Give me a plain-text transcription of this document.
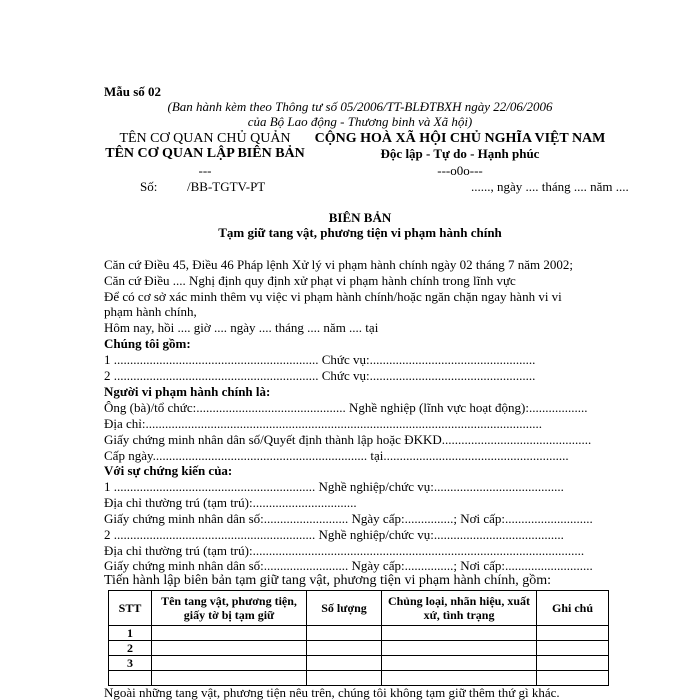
Mẫu số 02
(Ban hành kèm theo Thông tư số 05/2006/TT-BLĐTBXH ngày 22/06/2006
của Bộ Lao động - Thương binh và Xã hội)
TÊN CƠ QUAN CHỦ QUẢN
TÊN CƠ QUAN LẬP BIÊN BẢN
---
Số: /BB-TGTV-PT
CỘNG HOÀ XÃ HỘI CHỦ NGHĨA VIỆT NAM
Độc lập - Tự do - Hạnh phúc
---o0o---
......, ngày .... tháng .... năm ....
BIÊN BẢN
Tạm giữ tang vật, phương tiện vi phạm hành chính
Căn cứ Điều 45, Điều 46 Pháp lệnh Xử lý vi phạm hành chính ngày 02 tháng 7 năm 2002;
Căn cứ Điều .... Nghị định quy định xử phạt vi phạm hành chính trong lĩnh vực
Để có cơ sở xác minh thêm vụ việc vi phạm hành chính/hoặc ngăn chặn ngay hành vi vi
phạm hành chính,
Hôm nay, hồi .... giờ .... ngày .... tháng .... năm .... tại
Chúng tôi gồm:
1 ............................................................... Chức vụ:...................................................
2 ............................................................... Chức vụ:...................................................
Người vi phạm hành chính là:
Ông (bà)/tổ chức:.............................................. Nghề nghiệp (lĩnh vực hoạt động):..................
Địa chỉ:..........................................................................................................................
Giấy chứng minh nhân dân số/Quyết định thành lập hoặc ĐKKD..............................................
Cấp ngày.................................................................. tại.........................................................
Với sự chứng kiến của:
1 .............................................................. Nghề nghiệp/chức vụ:........................................
Địa chỉ thường trú (tạm trú):................................
Giấy chứng minh nhân dân số:.......................... Ngày cấp:...............; Nơi cấp:...........................
2 .............................................................. Nghề nghiệp/chức vụ:........................................
Địa chỉ thường trú (tạm trú):......................................................................................................
Giấy chứng minh nhân dân số:.......................... Ngày cấp:...............; Nơi cấp:...........................
Tiến hành lập biên bản tạm giữ tang vật, phương tiện vi phạm hành chính, gồm:
STT	Tên tang vật, phương tiện, giấy tờ bị tạm giữ	Số lượng	Chủng loại, nhãn hiệu, xuất xứ, tình trạng	Ghi chú
1				
2				
3				

Ngoài những tang vật, phương tiện nêu trên, chúng tôi không tạm giữ thêm thứ gì khác.
